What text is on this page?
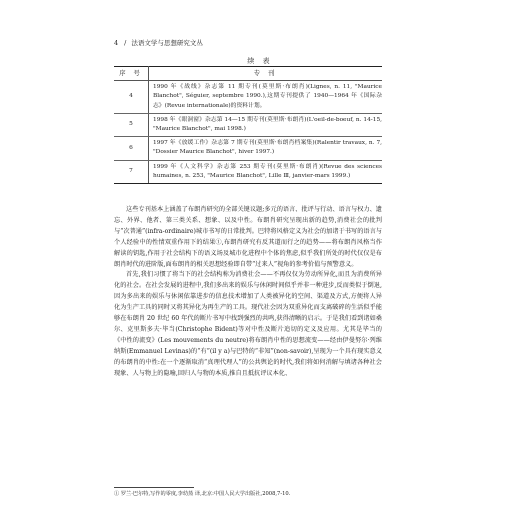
4 / 法语文学与思想研究文丛
续 表
序 号	专 刊
4	1990 年《战线》杂志第 11 期专刊(莫里斯·布朗肖)(Lignes, n. 11, "Maurice Blanchot", Séguier, septembre 1990.),这期专刊提供了 1940—1964 年《国际杂志》(Revue internationale)的资料计划。
5	1998 年《眼洞窗》杂志第 14—15 期专刊(莫里斯·布朗肖)(L'oeil-de-boeuf, n. 14-15, "Maurice Blanchot", mai 1998.)
6	1997 年《放缓工作》杂志第 7 期专刊(莫里斯·布朗肖档案集)(Ralentir travaux, n. 7, "Dossier Maurice Blanchot", hiver 1997.)
7	1999 年《人文科学》杂志第 253 期专刊(莫里斯·布朗肖)(Revue des sciences humaines, n. 253, "Maurice Blanchot", Lille Ⅲ, janvier-mars 1999.)

这些专刊基本上涵盖了布朗肖研究的全部关键议题;多元的语言、批评与行动、语言与权力、遗忘、外界、他者、第三类关系、想象、以及中性。布朗肖研究呈现出新的趋势,消费社会的批判与“次普通”(infra-ordinaire)城市书写的日常批判。巴特将风格定义为社会的加诸于书写的语言与个人经验中的性情双重作用下的结果①,布朗肖研究有反其道而行之的趋势——将布朗肖风格当作解读的钥匙,作用于社会结构下的语义场及城市化进程中个体的焦虑,似乎我们所处的时代仅仅是布朗肖时代的进阶版,面布朗肖的相关思想经验即自带“过来人”视角的参考价值与预警意义。

首先,我们习惯了将当下的社会结构称为消费社会——不再仅仅为劳动所异化,而且为消费所异化的社会。在社会发展的进程中,我们多出来的娱乐与休闲时间似乎并非一种进步,反而类似于倒退,因为多出来的娱乐与休闲依靠进步的信息技术增加了人类被异化的空间、渠道及方式,方便将人异化为生产工具的同时又将其异化为再生产的工具。现代社会因为双重异化而支离破碎的生活似乎能够在布朗肖 20 世纪 60 年代的断片书写中找到强烈的共鸣,获得清晰的启示。于是我们看到诸如桑尔、克里斯多夫·毕当(Christophe Bident)等对中性及断片追切的定义及应用。尤其是毕当的《中性的流变》(Les mouvements du neutre)将布朗肖中性的思想流变——经由伊曼努尔·列维纳斯(Emmanuel Levinas)的“有”(il y a)与巴特的“非知”(non-savoir),呈现为一个具有现实意义的布朗肖的中性:在一个逐渐取消“真理代理人”的公共舆论的时代,我们将如何消解与填诸各种社会现象、人与物上的隐喻,回归人与物的本质,推自且抵抗评议本化、

① 罗兰·巴尔特,写作的零度,李幼蒸 译,北京:中国人民大学出版社,2008,7-10.
